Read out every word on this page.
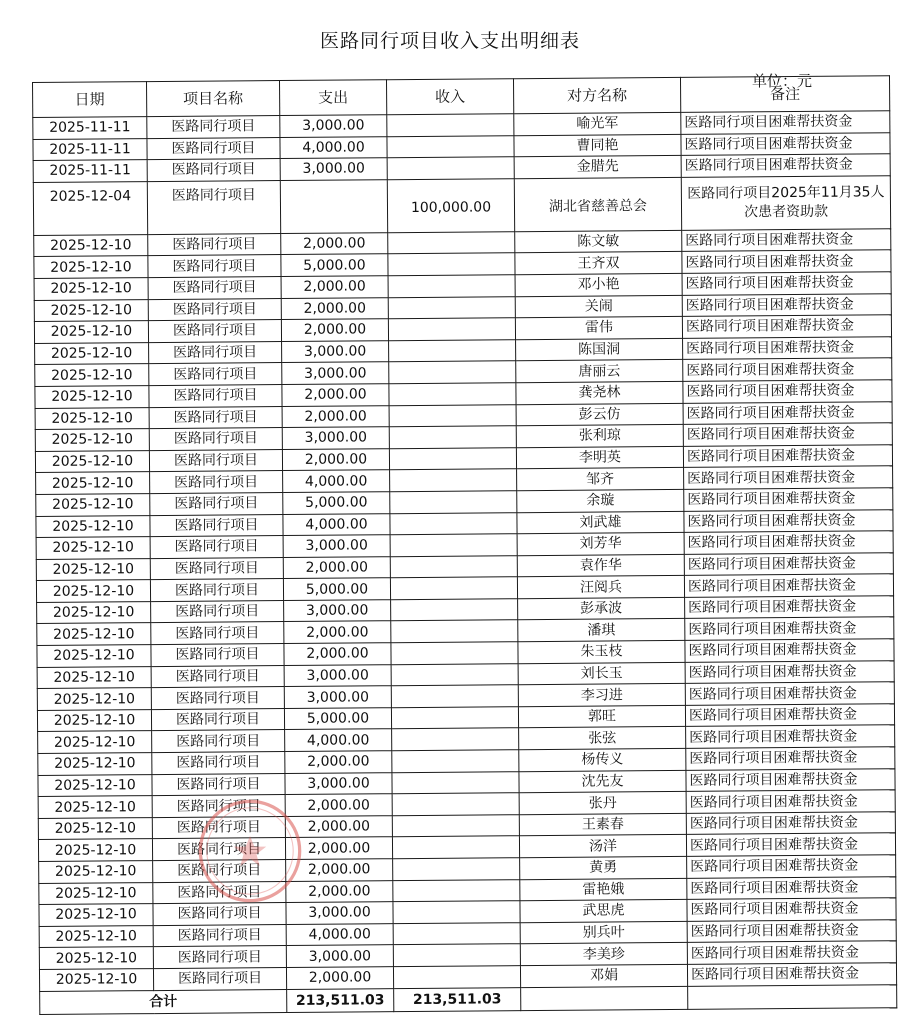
医路同行项目收入支出明细表
单位：元
日期	项目名称	支出	收入	对方名称	备注
2025-11-11	医路同行项目	3,000.00		喻光军	医路同行项目困难帮扶资金
2025-11-11	医路同行项目	4,000.00		曹同艳	医路同行项目困难帮扶资金
2025-11-11	医路同行项目	3,000.00		金腊先	医路同行项目困难帮扶资金
2025-12-04	医路同行项目		100,000.00	湖北省慈善总会	医路同行项目2025年11月35人次患者资助款
2025-12-10	医路同行项目	2,000.00		陈文敏	医路同行项目困难帮扶资金
2025-12-10	医路同行项目	5,000.00		王齐双	医路同行项目困难帮扶资金
2025-12-10	医路同行项目	2,000.00		邓小艳	医路同行项目困难帮扶资金
2025-12-10	医路同行项目	2,000.00		关闹	医路同行项目困难帮扶资金
2025-12-10	医路同行项目	2,000.00		雷伟	医路同行项目困难帮扶资金
2025-12-10	医路同行项目	3,000.00		陈国洞	医路同行项目困难帮扶资金
2025-12-10	医路同行项目	3,000.00		唐丽云	医路同行项目困难帮扶资金
2025-12-10	医路同行项目	2,000.00		龚尧林	医路同行项目困难帮扶资金
2025-12-10	医路同行项目	2,000.00		彭云仿	医路同行项目困难帮扶资金
2025-12-10	医路同行项目	3,000.00		张利琼	医路同行项目困难帮扶资金
2025-12-10	医路同行项目	2,000.00		李明英	医路同行项目困难帮扶资金
2025-12-10	医路同行项目	4,000.00		邹齐	医路同行项目困难帮扶资金
2025-12-10	医路同行项目	5,000.00		余璇	医路同行项目困难帮扶资金
2025-12-10	医路同行项目	4,000.00		刘武雄	医路同行项目困难帮扶资金
2025-12-10	医路同行项目	3,000.00		刘芳华	医路同行项目困难帮扶资金
2025-12-10	医路同行项目	2,000.00		袁作华	医路同行项目困难帮扶资金
2025-12-10	医路同行项目	5,000.00		汪阅兵	医路同行项目困难帮扶资金
2025-12-10	医路同行项目	3,000.00		彭承波	医路同行项目困难帮扶资金
2025-12-10	医路同行项目	2,000.00		潘琪	医路同行项目困难帮扶资金
2025-12-10	医路同行项目	2,000.00		朱玉枝	医路同行项目困难帮扶资金
2025-12-10	医路同行项目	3,000.00		刘长玉	医路同行项目困难帮扶资金
2025-12-10	医路同行项目	3,000.00		李习进	医路同行项目困难帮扶资金
2025-12-10	医路同行项目	5,000.00		郭旺	医路同行项目困难帮扶资金
2025-12-10	医路同行项目	4,000.00		张弦	医路同行项目困难帮扶资金
2025-12-10	医路同行项目	2,000.00		杨传义	医路同行项目困难帮扶资金
2025-12-10	医路同行项目	3,000.00		沈先友	医路同行项目困难帮扶资金
2025-12-10	医路同行项目	2,000.00		张丹	医路同行项目困难帮扶资金
2025-12-10	医路同行项目	2,000.00		王素春	医路同行项目困难帮扶资金
2025-12-10	医路同行项目	2,000.00		汤洋	医路同行项目困难帮扶资金
2025-12-10	医路同行项目	2,000.00		黄勇	医路同行项目困难帮扶资金
2025-12-10	医路同行项目	2,000.00		雷艳娥	医路同行项目困难帮扶资金
2025-12-10	医路同行项目	3,000.00		武思虎	医路同行项目困难帮扶资金
2025-12-10	医路同行项目	4,000.00		别兵叶	医路同行项目困难帮扶资金
2025-12-10	医路同行项目	3,000.00		李美珍	医路同行项目困难帮扶资金
2025-12-10	医路同行项目	2,000.00		邓娟	医路同行项目困难帮扶资金
合计		213,511.03	213,511.03		
